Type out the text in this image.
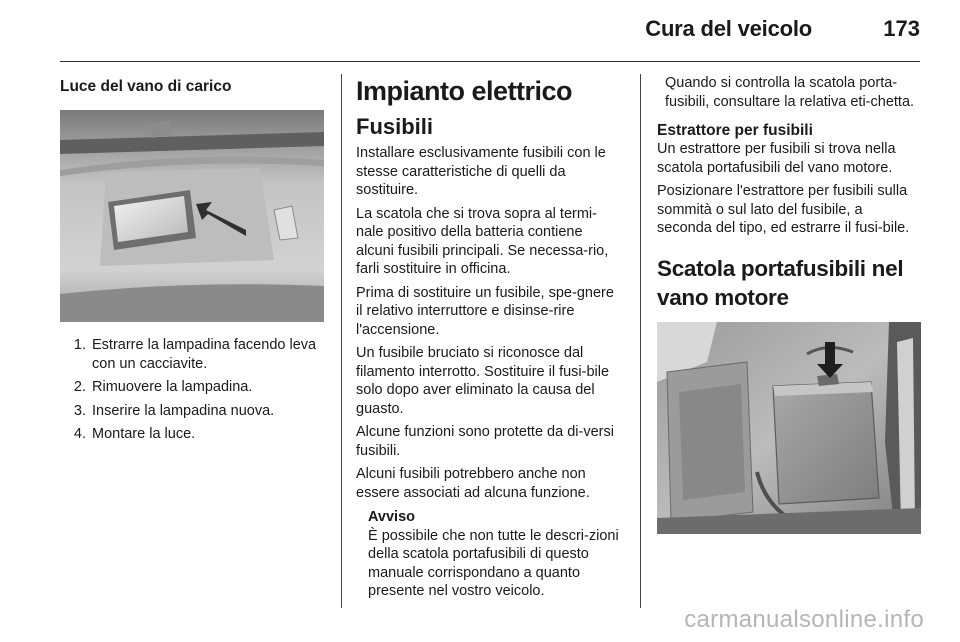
Cura del veicolo	173
Luce del vano di carico
1. Estrarre la lampadina facendo leva con un cacciavite.
2. Rimuovere la lampadina.
3. Inserire la lampadina nuova.
4. Montare la luce.
Impianto elettrico
Fusibili

Installare esclusivamente fusibili con le stesse caratteristiche di quelli da sostituire.

La scatola che si trova sopra al termi-nale positivo della batteria contiene alcuni fusibili principali. Se necessa-rio, farli sostituire in officina.

Prima di sostituire un fusibile, spe-gnere il relativo interruttore e disinse-rire l'accensione.

Un fusibile bruciato si riconosce dal filamento interrotto. Sostituire il fusi-bile solo dopo aver eliminato la causa del guasto.

Alcune funzioni sono protette da di-versi fusibili.

Alcuni fusibili potrebbero anche non essere associati ad alcuna funzione.

Avviso
È possibile che non tutte le descri-zioni della scatola portafusibili di questo manuale corrispondano a quanto presente nel vostro veicolo.
Quando si controlla la scatola porta-fusibili, consultare la relativa eti-chetta.
Estrattore per fusibili

Un estrattore per fusibili si trova nella scatola portafusibili del vano motore.

Posizionare l'estrattore per fusibili sulla sommità o sul lato del fusibile, a seconda del tipo, ed estrarre il fusi-bile.

Scatola portafusibili nel vano motore
carmanualsonline.info
